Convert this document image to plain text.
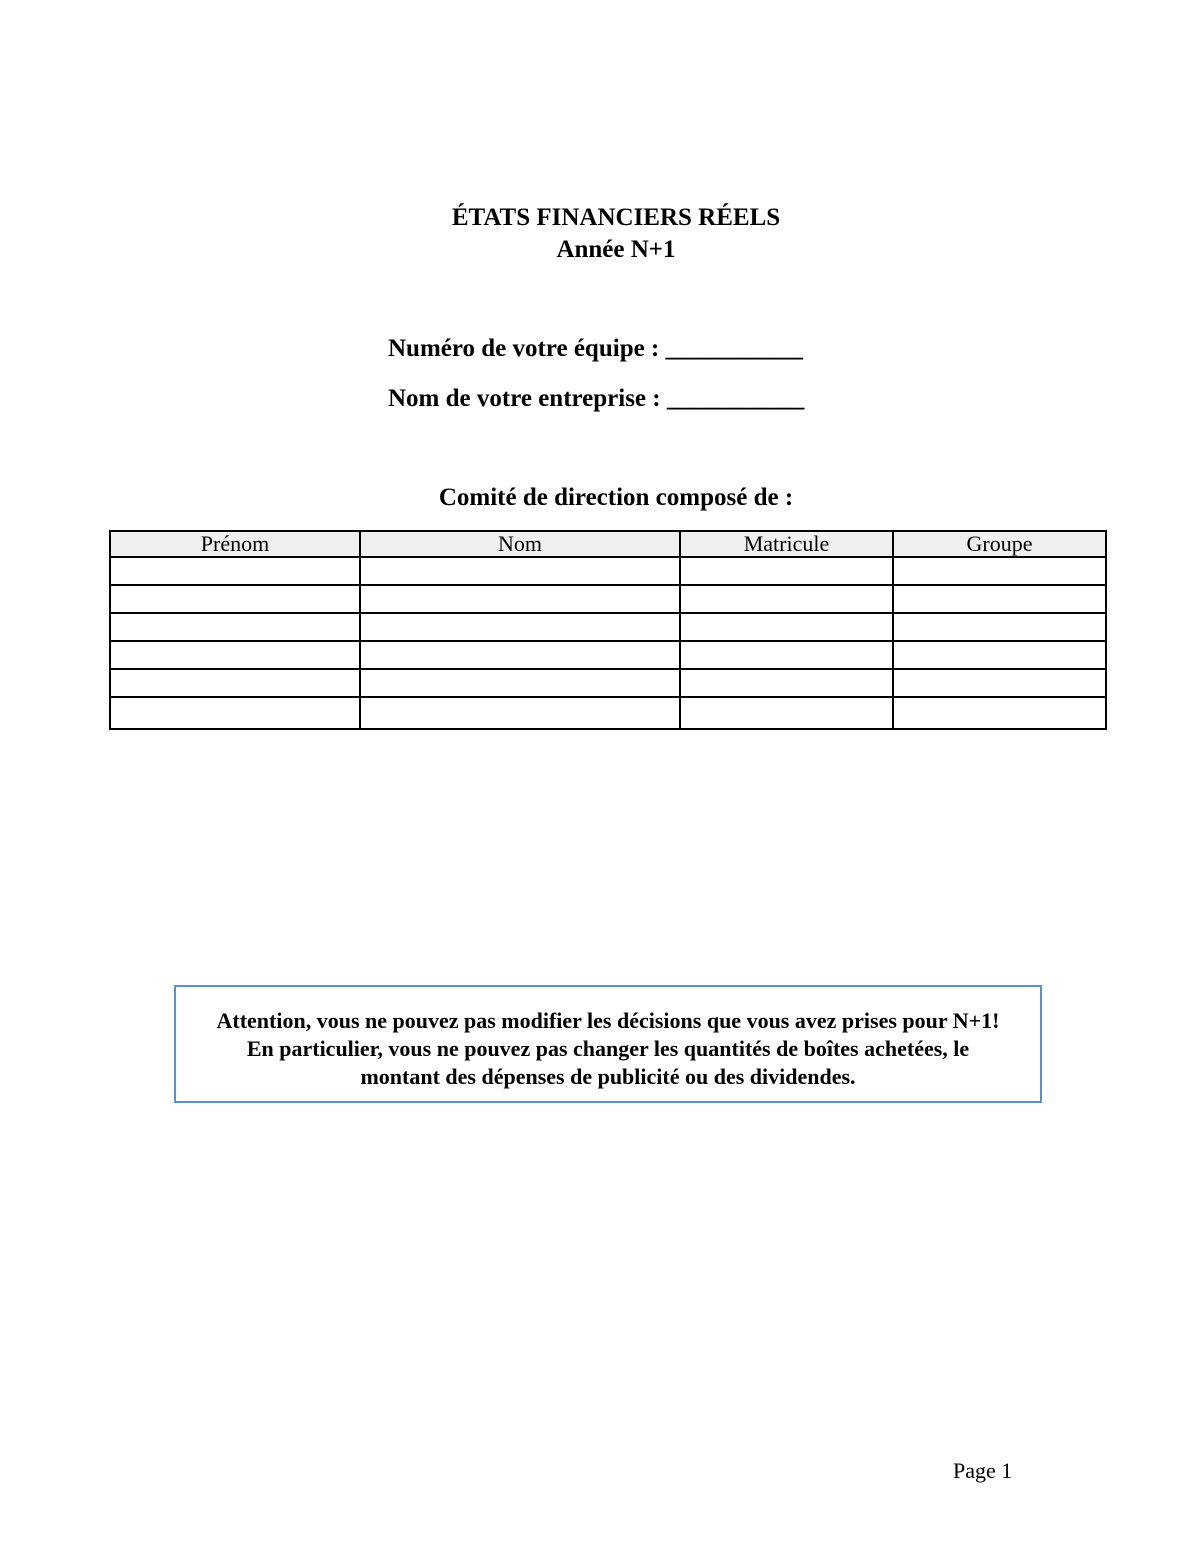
ÉTATS FINANCIERS RÉELS
Année N+1
Numéro de votre équipe : ___________
Nom de votre entreprise : ___________
Comité de direction composé de :
Prénom	Nom	Matricule	Groupe

Attention, vous ne pouvez pas modifier les décisions que vous avez prises pour N+1!
En particulier, vous ne pouvez pas changer les quantités de boîtes achetées, le
montant des dépenses de publicité ou des dividendes.
Page 1
